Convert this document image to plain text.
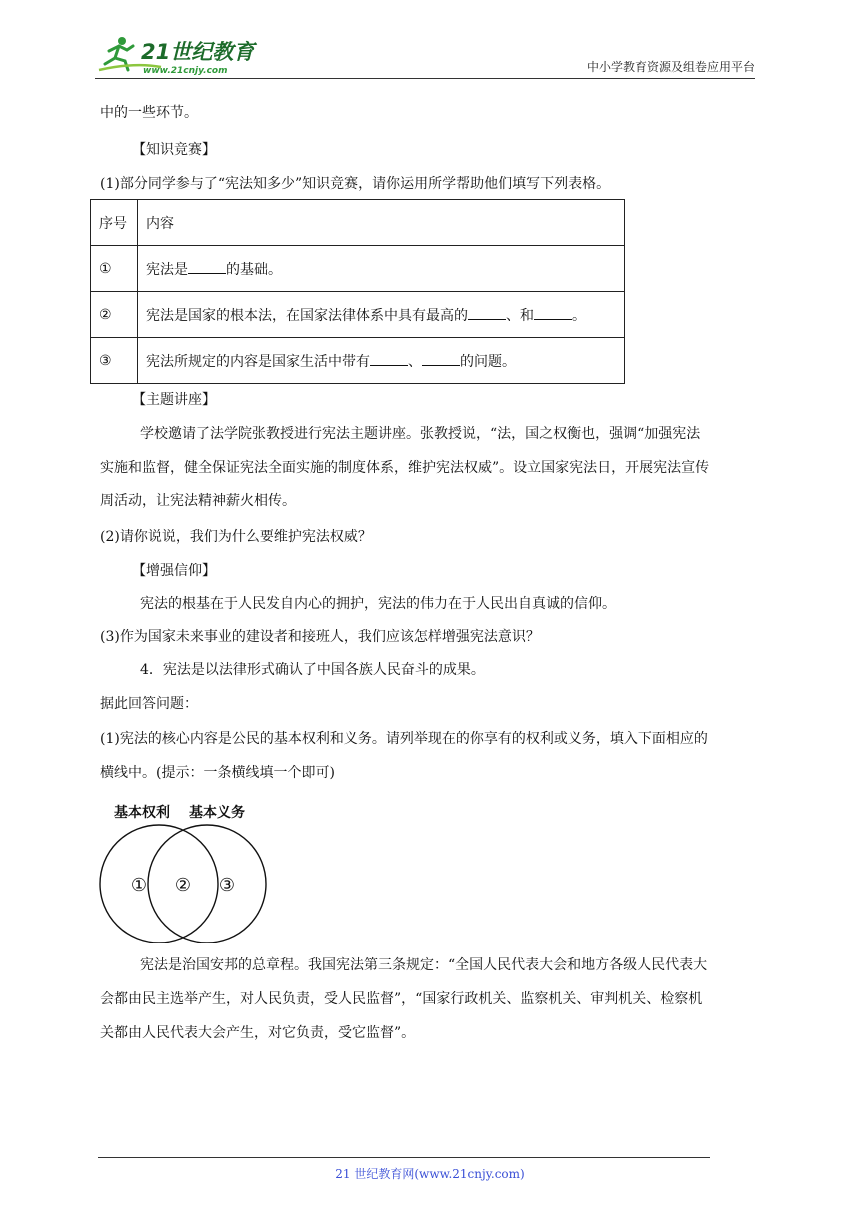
21世纪教育
www.21cnjy.com	中小学教育资源及组卷应用平台
中的一些环节。
【知识竞赛】
(1)部分同学参与了“宪法知多少”知识竞赛，请你运用所学帮助他们填写下列表格。
序号	内容
①	宪法是 的基础。
②	宪法是国家的根本法，在国家法律体系中具有最高的 、和 。
③	宪法所规定的内容是国家生活中带有 、 的问题。
【主题讲座】
学校邀请了法学院张教授进行宪法主题讲座。张教授说，“法，国之权衡也，强调“加强宪法
实施和监督，健全保证宪法全面实施的制度体系，维护宪法权威”。设立国家宪法日，开展宪法宣传
周活动，让宪法精神薪火相传。
(2)请你说说，我们为什么要维护宪法权威？
【增强信仰】
宪法的根基在于人民发自内心的拥护，宪法的伟力在于人民出自真诚的信仰。
(3)作为国家未来事业的建设者和接班人，我们应该怎样增强宪法意识？
4．宪法是以法律形式确认了中国各族人民奋斗的成果。
据此回答问题：
(1)宪法的核心内容是公民的基本权利和义务。请列举现在的你享有的权利或义务，填入下面相应的
横线中。(提示：一条横线填一个即可)
基本权利 基本义务
① ② ③
宪法是治国安邦的总章程。我国宪法第三条规定：“全国人民代表大会和地方各级人民代表大
会都由民主选举产生，对人民负责，受人民监督”，“国家行政机关、监察机关、审判机关、检察机
关都由人民代表大会产生，对它负责，受它监督”。
21 世纪教育网(www.21cnjy.com)
